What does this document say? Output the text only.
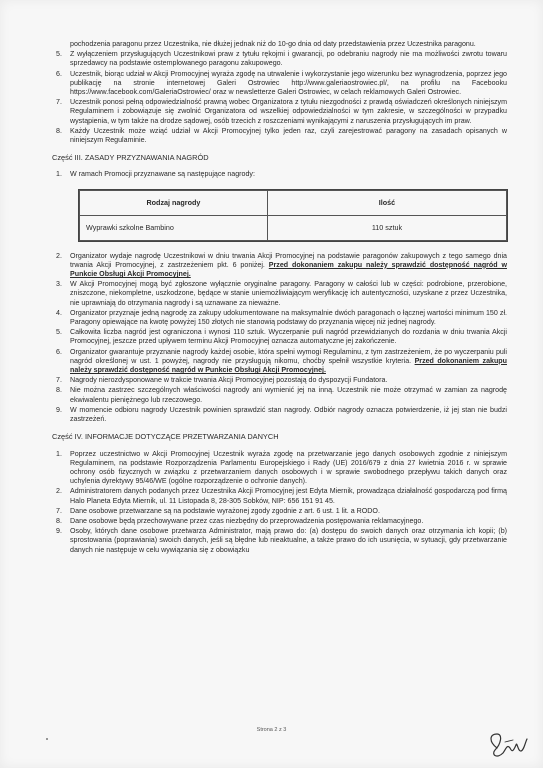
pochodzenia paragonu przez Uczestnika, nie dłużej jednak niż do 10-go dnia od daty przedstawienia przez Uczestnika paragonu.
5. Z wyłączeniem przysługujących Uczestnikowi praw z tytułu rękojmi i gwarancji, po odebraniu nagrody nie ma możliwości zwrotu towaru sprzedawcy na podstawie ostemplowanego paragonu zakupowego.
6. Uczestnik, biorąc udział w Akcji Promocyjnej wyraża zgodę na utrwalenie i wykorzystanie jego wizerunku bez wynagrodzenia, poprzez jego publikację na stronie internetowej Galeri Ostrowiec http://www.galeriaostrowiec.pl/, na profilu na Facebooku https://www.facebook.com/GaleriaOstrowiec/ oraz w newsletterze Galeri Ostrowiec, w celach reklamowych Galeri Ostrowiec.
7. Uczestnik ponosi pełną odpowiedzialność prawną wobec Organizatora z tytułu niezgodności z prawdą oświadczeń określonych niniejszym Regulaminem i zobowiązuje się zwolnić Organizatora od wszelkiej odpowiedzialności w tym zakresie, w szczególności w przypadku wystąpienia, w tym także na drodze sądowej, osób trzecich z roszczeniami wynikającymi z naruszenia przysługujących im praw.
8. Każdy Uczestnik może wziąć udział w Akcji Promocyjnej tylko jeden raz, czyli zarejestrować paragony na zasadach opisanych w niniejszym Regulaminie.
Część III. ZASADY PRZYZNAWANIA NAGRÓD
1. W ramach Promocji przyznawane są następujące nagrody:
Rodzaj nagrody	Ilość
Wyprawki szkolne Bambino	110 sztuk
2. Organizator wydaje nagrodę Uczestnikowi w dniu trwania Akcji Promocyjnej na podstawie paragonów zakupowych z tego samego dnia trwania Akcji Promocyjnej, z zastrzeżeniem pkt. 6 poniżej. Przed dokonaniem zakupu należy sprawdzić dostępność nagród w Punkcie Obsługi Akcji Promocyjnej.
3. W Akcji Promocyjnej mogą być zgłoszone wyłącznie oryginalne paragony. Paragony w całości lub w części: podrobione, przerobione, zniszczone, niekompletne, uszkodzone, będące w stanie uniemożliwiającym weryfikację ich autentyczności, uzyskane z przez Uczestnika, nie uprawniają do otrzymania nagrody i są uznawane za nieważne.
4. Organizator przyznaje jedną nagrodę za zakupy udokumentowane na maksymalnie dwóch paragonach o łącznej wartości minimum 150 zł. Paragony opiewające na kwotę powyżej 150 złotych nie stanowią podstawy do przyznania więcej niż jednej nagrody.
5. Całkowita liczba nagród jest ograniczona i wynosi 110 sztuk. Wyczerpanie puli nagród przewidzianych do rozdania w dniu trwania Akcji Promocyjnej, jeszcze przed upływem terminu Akcji Promocyjnej oznacza automatyczne jej zakończenie.
6. Organizator gwarantuje przyznanie nagrody każdej osobie, która spełni wymogi Regulaminu, z tym zastrzeżeniem, że po wyczerpaniu puli nagród określonej w ust. 1 powyżej, nagrody nie przysługują nikomu, choćby spełnił wszystkie kryteria. Przed dokonaniem zakupu należy sprawdzić dostępność nagród w Punkcie Obsługi Akcji Promocyjnej.
7. Nagrody nierozdysponowane w trakcie trwania Akcji Promocyjnej pozostają do dyspozycji Fundatora.
8. Nie można zastrzec szczególnych właściwości nagrody ani wymienić jej na inną. Uczestnik nie może otrzymać w zamian za nagrodę ekwiwalentu pieniężnego lub rzeczowego.
9. W momencie odbioru nagrody Uczestnik powinien sprawdzić stan nagrody. Odbiór nagrody oznacza potwierdzenie, iż jej stan nie budzi zastrzeżeń.
Część IV. INFORMACJE DOTYCZĄCE PRZETWARZANIA DANYCH
1. Poprzez uczestnictwo w Akcji Promocyjnej Uczestnik wyraża zgodę na przetwarzanie jego danych osobowych zgodnie z niniejszym Regulaminem, na podstawie Rozporządzenia Parlamentu Europejskiego i Rady (UE) 2016/679 z dnia 27 kwietnia 2016 r. w sprawie ochrony osób fizycznych w związku z przetwarzaniem danych osobowych i w sprawie swobodnego przepływu takich danych oraz uchylenia dyrektywy 95/46/WE (ogólne rozporządzenie o ochronie danych).
2. Administratorem danych podanych przez Uczestnika Akcji Promocyjnej jest Edyta Miernik, prowadząca działalność gospodarczą pod firmą Halo Planeta Edyta Miernik, ul. 11 Listopada 8, 28-305 Sobków, NIP: 656 151 91 45.
7. Dane osobowe przetwarzane są na podstawie wyrażonej zgody zgodnie z art. 6 ust. 1 lit. a RODO.
8. Dane osobowe będą przechowywane przez czas niezbędny do przeprowadzenia postępowania reklamacyjnego.
9. Osoby, których dane osobowe przetwarza Administrator, mają prawo do: (a) dostępu do swoich danych oraz otrzymania ich kopii; (b) sprostowania (poprawiania) swoich danych, jeśli są błędne lub nieaktualne, a także prawo do ich usunięcia, w sytuacji, gdy przetwarzanie danych nie następuje w celu wywiązania się z obowiązku
Strona 2 z 3
